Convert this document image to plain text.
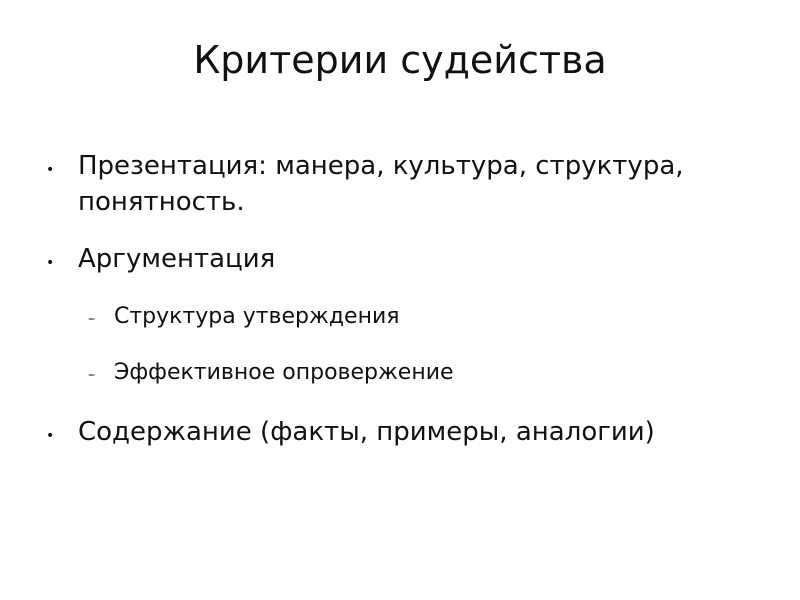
Критерии судейства
• Презентация: манера, культура, структура, понятность.
• Аргументация
– Структура утверждения
– Эффективное опровержение
• Содержание (факты, примеры, аналогии)
